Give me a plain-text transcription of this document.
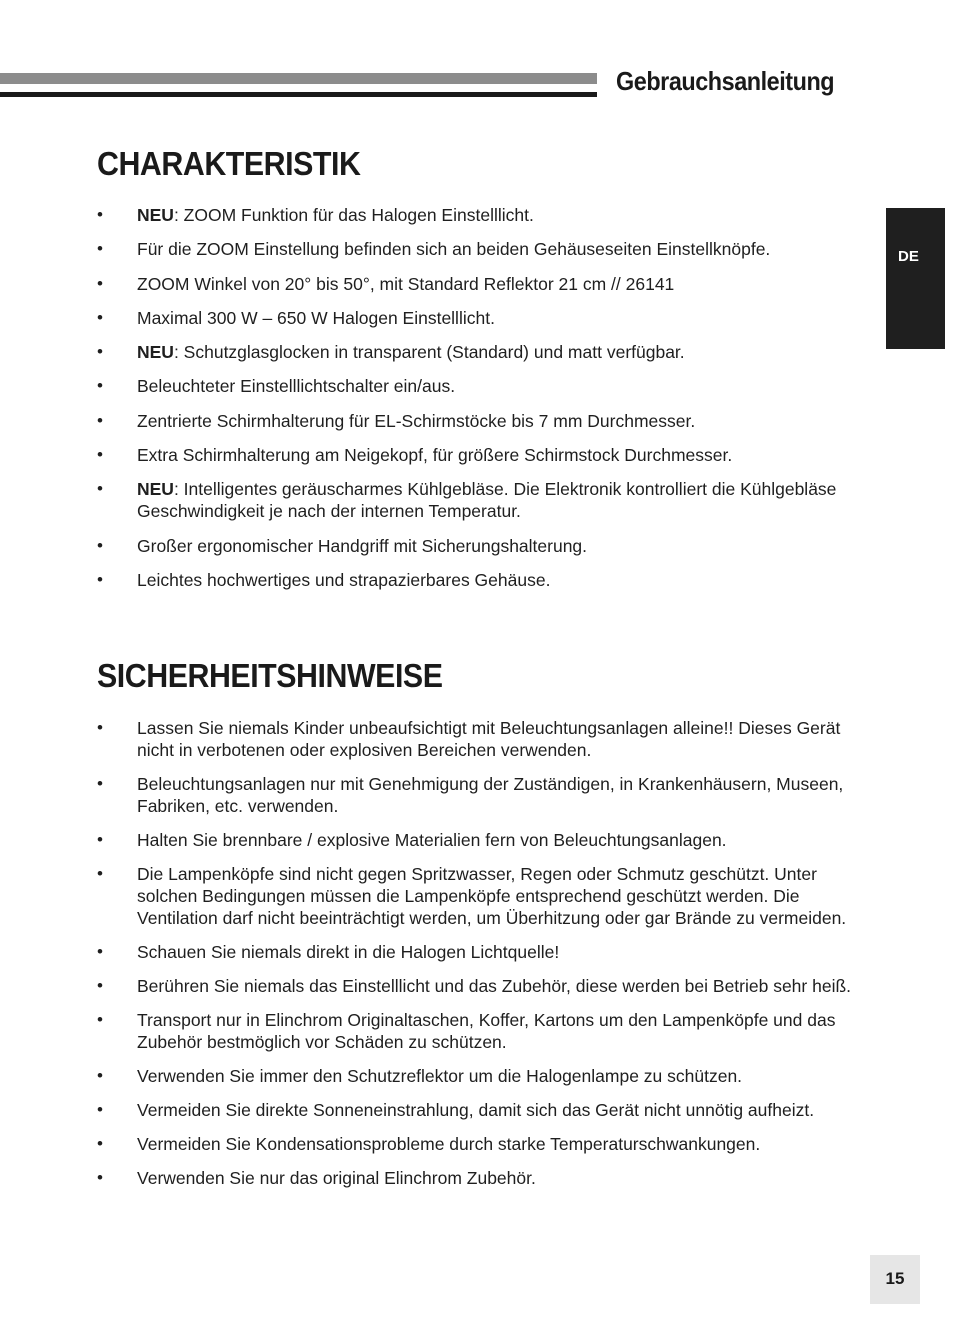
Gebrauchsanleitung
DE
CHARAKTERISTIK
• NEU: ZOOM Funktion für das Halogen Einstelllicht.
• Für die ZOOM Einstellung befinden sich an beiden Gehäuseseiten Einstellknöpfe.
• ZOOM Winkel von 20° bis 50°, mit Standard Reflektor 21 cm // 26141
• Maximal 300 W – 650 W Halogen Einstelllicht.
• NEU: Schutzglasglocken in transparent (Standard) und matt verfügbar.
• Beleuchteter Einstelllichtschalter ein/aus.
• Zentrierte Schirmhalterung für EL-Schirmstöcke bis 7 mm Durchmesser.
• Extra Schirmhalterung am Neigekopf, für größere Schirmstock Durchmesser.
• NEU: Intelligentes geräuscharmes Kühlgebläse. Die Elektronik kontrolliert die Kühlgebläse Geschwindigkeit je nach der internen Temperatur.
• Großer ergonomischer Handgriff mit Sicherungshalterung.
• Leichtes hochwertiges und strapazierbares Gehäuse.
SICHERHEITSHINWEISE
• Lassen Sie niemals Kinder unbeaufsichtigt mit Beleuchtungsanlagen alleine!! Dieses Gerät nicht in verbotenen oder explosiven Bereichen verwenden.
• Beleuchtungsanlagen nur mit Genehmigung der Zuständigen, in Krankenhäusern, Museen, Fabriken, etc. verwenden.
• Halten Sie brennbare / explosive Materialien fern von Beleuchtungsanlagen.
• Die Lampenköpfe sind nicht gegen Spritzwasser, Regen oder Schmutz geschützt. Unter solchen Bedingungen müssen die Lampenköpfe entsprechend geschützt werden. Die Ventilation darf nicht beeinträchtigt werden, um Überhitzung oder gar Brände zu vermeiden.
• Schauen Sie niemals direkt in die Halogen Lichtquelle!
• Berühren Sie niemals das Einstelllicht und das Zubehör, diese werden bei Betrieb sehr heiß.
• Transport nur in Elinchrom Originaltaschen, Koffer, Kartons um den Lampenköpfe und das Zubehör bestmöglich vor Schäden zu schützen.
• Verwenden Sie immer den Schutzreflektor um die Halogenlampe zu schützen.
• Vermeiden Sie direkte Sonneneinstrahlung, damit sich das Gerät nicht unnötig aufheizt.
• Vermeiden Sie Kondensationsprobleme durch starke Temperaturschwankungen.
• Verwenden Sie nur das original Elinchrom Zubehör.
15
